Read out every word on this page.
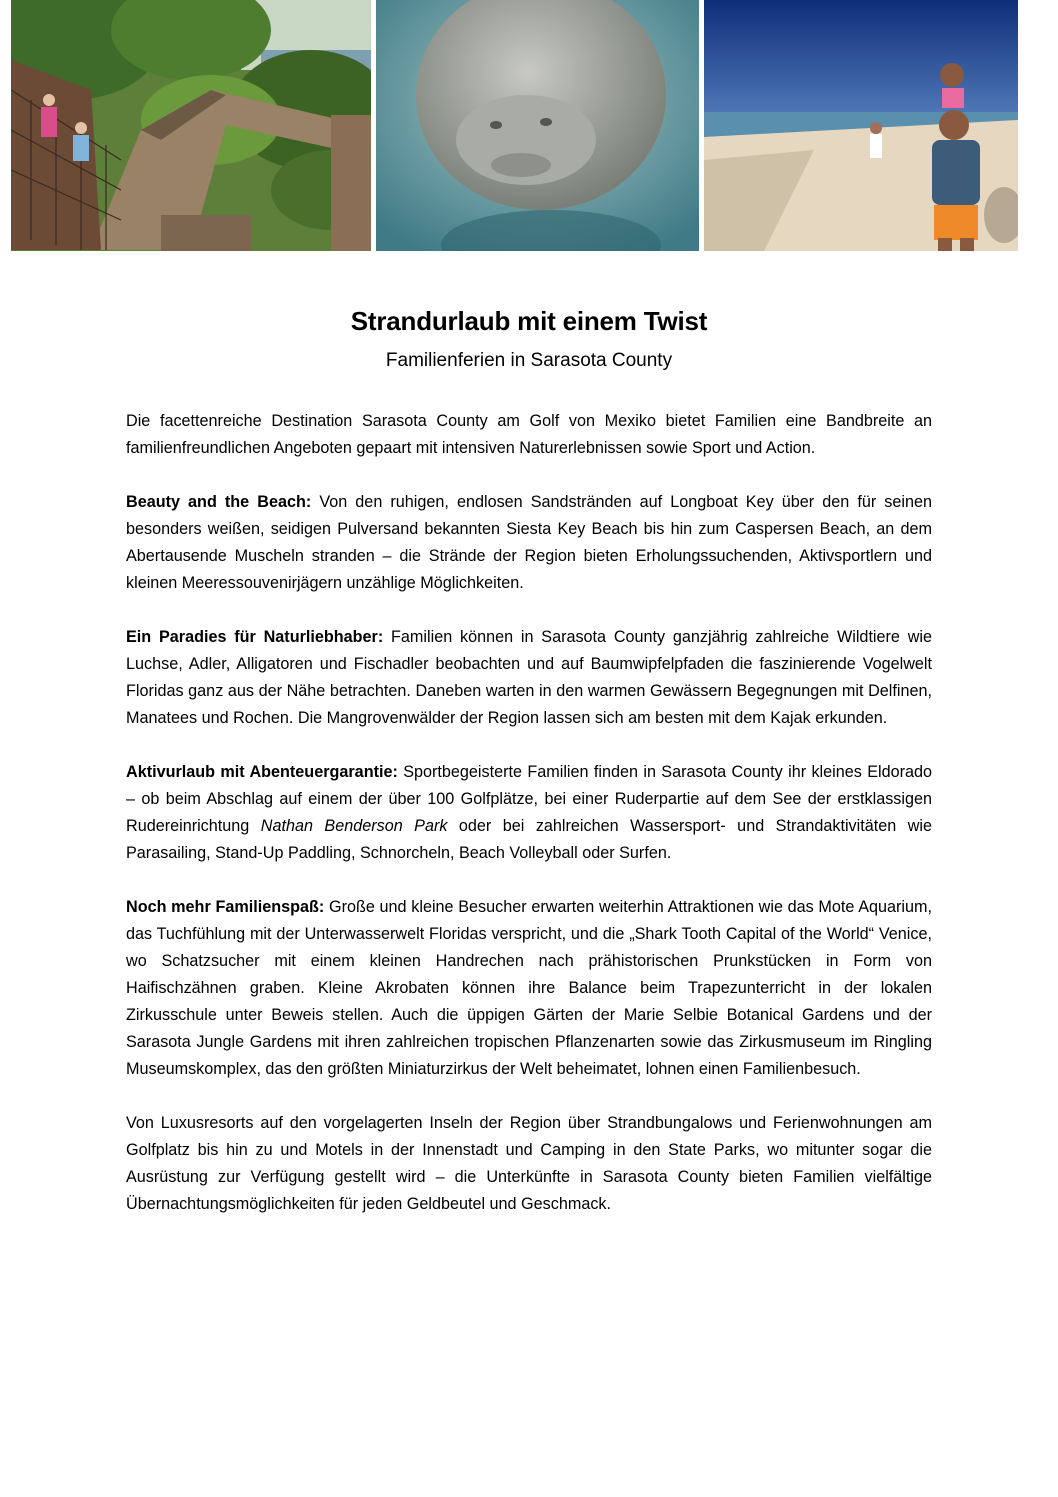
Strandurlaub mit einem Twist
Familienferien in Sarasota County

Die facettenreiche Destination Sarasota County am Golf von Mexiko bietet Familien eine Bandbreite an familienfreundlichen Angeboten gepaart mit intensiven Naturerlebnissen sowie Sport und Action.

Beauty and the Beach: Von den ruhigen, endlosen Sandstränden auf Longboat Key über den für seinen besonders weißen, seidigen Pulversand bekannten Siesta Key Beach bis hin zum Caspersen Beach, an dem Abertausende Muscheln stranden – die Strände der Region bieten Erholungssuchenden, Aktivsportlern und kleinen Meeressouvenirjägern unzählige Möglichkeiten.

Ein Paradies für Naturliebhaber: Familien können in Sarasota County ganzjährig zahlreiche Wildtiere wie Luchse, Adler, Alligatoren und Fischadler beobachten und auf Baumwipfelpfaden die faszinierende Vogelwelt Floridas ganz aus der Nähe betrachten. Daneben warten in den warmen Gewässern Begegnungen mit Delfinen, Manatees und Rochen. Die Mangrovenwälder der Region lassen sich am besten mit dem Kajak erkunden.

Aktivurlaub mit Abenteuergarantie: Sportbegeisterte Familien finden in Sarasota County ihr kleines Eldorado – ob beim Abschlag auf einem der über 100 Golfplätze, bei einer Ruderpartie auf dem See der erstklassigen Rudereinrichtung Nathan Benderson Park oder bei zahlreichen Wassersport- und Strandaktivitäten wie Parasailing, Stand-Up Paddling, Schnorcheln, Beach Volleyball oder Surfen.

Noch mehr Familienspaß: Große und kleine Besucher erwarten weiterhin Attraktionen wie das Mote Aquarium, das Tuchfühlung mit der Unterwasserwelt Floridas verspricht, und die „Shark Tooth Capital of the World“ Venice, wo Schatzsucher mit einem kleinen Handrechen nach prähistorischen Prunkstücken in Form von Haifischzähnen graben. Kleine Akrobaten können ihre Balance beim Trapezunterricht in der lokalen Zirkusschule unter Beweis stellen. Auch die üppigen Gärten der Marie Selbie Botanical Gardens und der Sarasota Jungle Gardens mit ihren zahlreichen tropischen Pflanzenarten sowie das Zirkusmuseum im Ringling Museumskomplex, das den größten Miniaturzirkus der Welt beheimatet, lohnen einen Familienbesuch.

Von Luxusresorts auf den vorgelagerten Inseln der Region über Strandbungalows und Ferienwohnungen am Golfplatz bis hin zu und Motels in der Innenstadt und Camping in den State Parks, wo mitunter sogar die Ausrüstung zur Verfügung gestellt wird – die Unterkünfte in Sarasota County bieten Familien vielfältige Übernachtungsmöglichkeiten für jeden Geldbeutel und Geschmack.
